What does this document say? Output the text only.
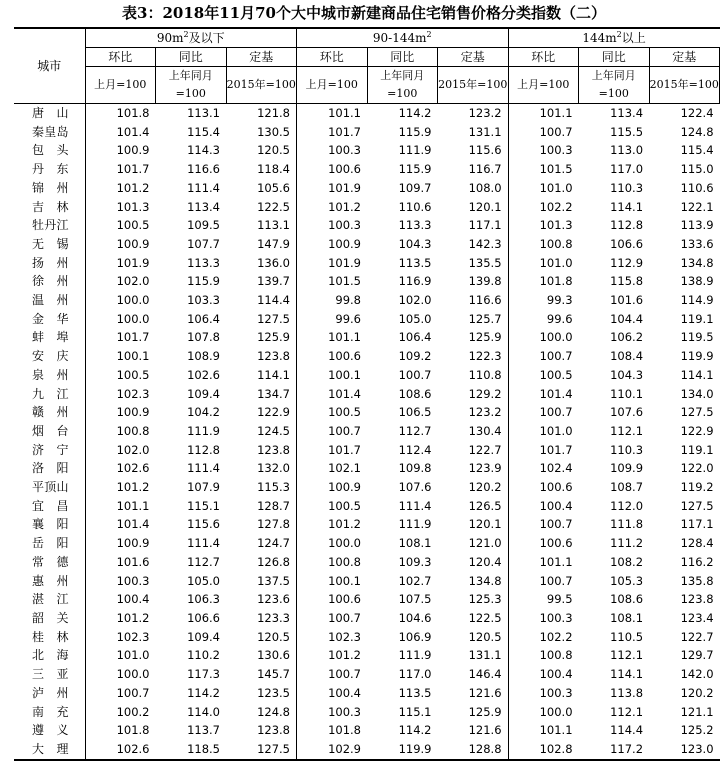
表3：2018年11月70个大中城市新建商品住宅销售价格分类指数（二）
城市	$90m^2$及以下			$90-144m^2$			$144m^2$以上		
	环比	同比	定基	环比	同比	定基	环比	同比	定基
	上月=100	上年同月=100	2015年=100	上月=100	上年同月=100	2015年=100	上月=100	上年同月=100	2015年=100
唐山	101.8	113.1	121.8	101.1	114.2	123.2	101.1	113.4	122.4
秦皇岛	101.4	115.4	130.5	101.7	115.9	131.1	100.7	115.5	124.8
包头	100.9	114.3	120.5	100.3	111.9	115.6	100.3	113.0	115.4
丹东	101.7	116.6	118.4	100.6	115.9	116.7	101.5	117.0	115.0
锦州	101.2	111.4	105.6	101.9	109.7	108.0	101.0	110.3	110.6
吉林	101.3	113.4	122.5	101.2	110.6	120.1	102.2	114.1	122.1
牡丹江	100.5	109.5	113.1	100.3	113.3	117.1	101.3	112.8	113.9
无锡	100.9	107.7	147.9	100.9	104.3	142.3	100.8	106.6	133.6
扬州	101.9	113.3	136.0	101.9	113.5	135.5	101.0	112.9	134.8
徐州	102.0	115.9	139.7	101.5	116.9	139.8	101.8	115.8	138.9
温州	100.0	103.3	114.4	99.8	102.0	116.6	99.3	101.6	114.9
金华	100.0	106.4	127.5	99.6	105.0	125.7	99.6	104.4	119.1
蚌埠	101.7	107.8	125.9	101.1	106.4	125.9	100.0	106.2	119.5
安庆	100.1	108.9	123.8	100.6	109.2	122.3	100.7	108.4	119.9
泉州	100.5	102.6	114.1	100.1	100.7	110.8	100.5	104.3	114.1
九江	102.3	109.4	134.7	101.4	108.6	129.2	101.4	110.1	134.0
赣州	100.9	104.2	122.9	100.5	106.5	123.2	100.7	107.6	127.5
烟台	100.8	111.9	124.5	100.7	112.7	130.4	101.0	112.1	122.9
济宁	102.0	112.8	123.8	101.7	112.4	122.7	101.7	110.3	119.1
洛阳	102.6	111.4	132.0	102.1	109.8	123.9	102.4	109.9	122.0
平顶山	101.2	107.9	115.3	100.9	107.6	120.2	100.6	108.7	119.2
宜昌	101.1	115.1	128.7	100.5	111.4	126.5	100.4	112.0	127.5
襄阳	101.4	115.6	127.8	101.2	111.9	120.1	100.7	111.8	117.1
岳阳	100.9	111.4	124.7	100.0	108.1	121.0	100.6	111.2	128.4
常德	101.6	112.7	126.8	100.8	109.3	120.4	101.1	108.2	116.2
惠州	100.3	105.0	137.5	100.1	102.7	134.8	100.7	105.3	135.8
湛江	100.4	106.3	123.6	100.6	107.5	125.3	99.5	108.6	123.8
韶关	101.2	106.6	123.3	100.7	104.6	122.5	100.3	108.1	123.4
桂林	102.3	109.4	120.5	102.3	106.9	120.5	102.2	110.5	122.7
北海	101.0	110.2	130.6	101.2	111.9	131.1	100.8	112.1	129.7
三亚	100.0	117.3	145.7	100.7	117.0	146.4	100.4	114.1	142.0
泸州	100.7	114.2	123.5	100.4	113.5	121.6	100.3	113.8	120.2
南充	100.2	114.0	124.8	100.3	115.1	125.9	100.0	112.1	121.1
遵义	101.8	113.7	123.8	101.8	114.2	121.6	101.1	114.4	125.2
大理	102.6	118.5	127.5	102.9	119.9	128.8	102.8	117.2	123.0
